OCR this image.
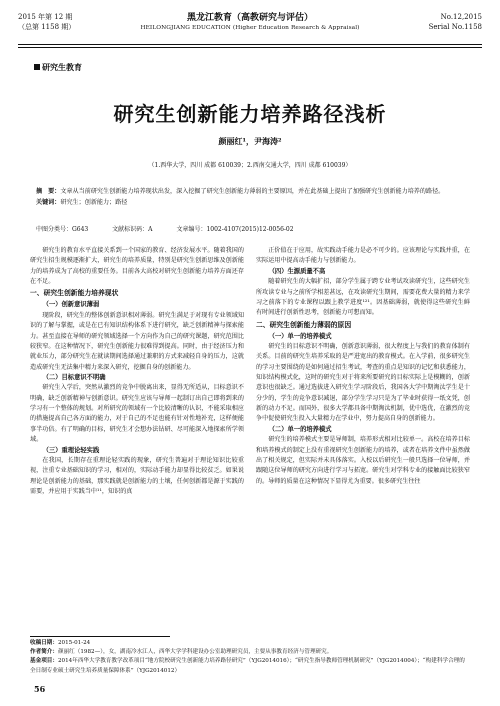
2015 年第 12 期
（总第 1158 期）
黑龙江教育（高教研究与评估）
HEILONGJIANG EDUCATION (Higher Education Research & Appraisal)
No.12,2015
Serial No.1158
研究生教育
研究生创新能力培养路径浅析
颜丽红¹，尹海涛²
（1.西华大学，四川 成都 610039；2.西南交通大学，四川 成都 610039）
摘　要：文章从当前研究生创新能力培养现状出发，深入挖掘了研究生创新能力薄弱的主要原因，并在此基础上提出了加强研究生创新能力培养的路径。
关键词：研究生；创新能力；路径
中图分类号：G643	文献标识码：A	文章编号：1002-4107(2015)12-0056-02

研究生的教育水平直接关系到一个国家的教育、经济发展水平。随着我国的研究生招生规模逐渐扩大，研究生的培养质量，特别是研究生创新思维及创新能力的培养成为了高校的重要任务。目前各大高校对研究生创新能力培养方面还存在不足。

一、研究生创新能力培养现状
（一）创新意识薄弱

现阶段，研究生的整体创新意识相对薄弱。研究生满足于对现有专业领域知识的了解与掌握，或是在已有知识结构体系下进行研究，缺乏创新精神与探索能力。甚至直接在导师的研究领域选择一个方向作为自己的研究课题，研究范围比较狭窄。在这种情况下，研究生创新能力很难得到提高。同时，由于经济压力和就业压力，部分研究生在就读期间选择通过兼职的方式来减轻自身的压力，这就造成研究生无法集中精力来深入研究，挖掘自身的创新能力。

（二）目标意识不明确

研究生入学后，突然从激烈的竞争中脱离出来，显得无所适从，目标意识不明确，缺乏创新精神与创新意识。研究生应该与导师一起制订出自己即将到来的学习有一个整体的规划。对所研究的领域有一个比较清晰的认识，不能采取相应的措施提高自己各方面的能力，对于自己的不足也能有针对性地补充，这样便能事半功倍。有了明确的目标，研究生才会想办法钻研、尽可能深入地探索所学领域。

（三）重理论轻实践

在我国，长期存在重理论轻实践的现象，研究生普遍对于理论知识比较重视，注重专业基础知识的学习，相对的，实际动手能力却显得比较贫乏。如果说理论是创新能力的基础，那实践就是创新能力的土壤，任何创新都是源于实践的需要，并应用于实践当中¹¹，知识的真

正价值在于应用，故实践动手能力是必不可少的。应该理论与实践并重，在实际运用中提高动手能力与创新能力。

（四）生源质量不高

随着研究生的大幅扩招，部分学生属于跨专业考试攻读研究生，这些研究生所攻读专业与之前所学相差甚远，在攻读研究生期间，需要花费大量的精力来学习之前落下的专业课程以跟上教学进度¹²¹。因基础薄弱，就使得这些研究生鲜有时间进行创新性思考，创新能力可想而知。

二、研究生创新能力薄弱的原因
（一）单一的培养模式

研究生的目标意识不明确，创新意识薄弱，很大程度上与我们的教育体制有关系。目前的研究生培养采取的是严进宽出的教育模式。在入学前，很多研究生的学习主要围绕的是如何通过招生考试，考查的重点是知识的记忆和获悉能力，知识结构模式化，这时的研究生对于将来所要研究的目标实际上是模糊的，创新意识也很缺乏。通过选拔进入研究生学习阶段后，我国各大学中期淘汰学生是十分少的，学生的竞争意识减退，部分学生学习只是为了毕业时获得一纸文凭，创新的动力不足。而国外，很多大学都具备中期淘汰机制，优中选优，在激烈的竞争中促使研究生投入大量精力在学业中，努力提高自身的创新能力。

（二）单一的培养模式

研究生的培养模式主要是导师制，培养形式相对比较单一。高校在培养目标和培养模式的制定上没有重视研究生创新能力的培养，或者在培养文件中虽然做出了相关规定，但实际并未具体落实。入校以后研究生一般只选择一位导师，并跟随这位导师的研究方向进行学习与拓宽。研究生对学科专业的接触面比较狭窄的。导师的质量在这种情况下显得尤为重要。很多研究生往往

收稿日期：2015-01-24
作者简介：颜丽红（1982—），女，湖南冷水江人，西华大学学科建设办公室助理研究员，主要从事教育经济与管理研究。
基金项目：2014年西华大学教育教学改革项目“地方院校研究生创新能力培养路径研究”（YJG2014016）；“研究生指导教师管理机制研究”（YJG2014004）；“构建科学合理的全日制专业硕士研究生培养质量保障体系”（YJG2014012）
56
